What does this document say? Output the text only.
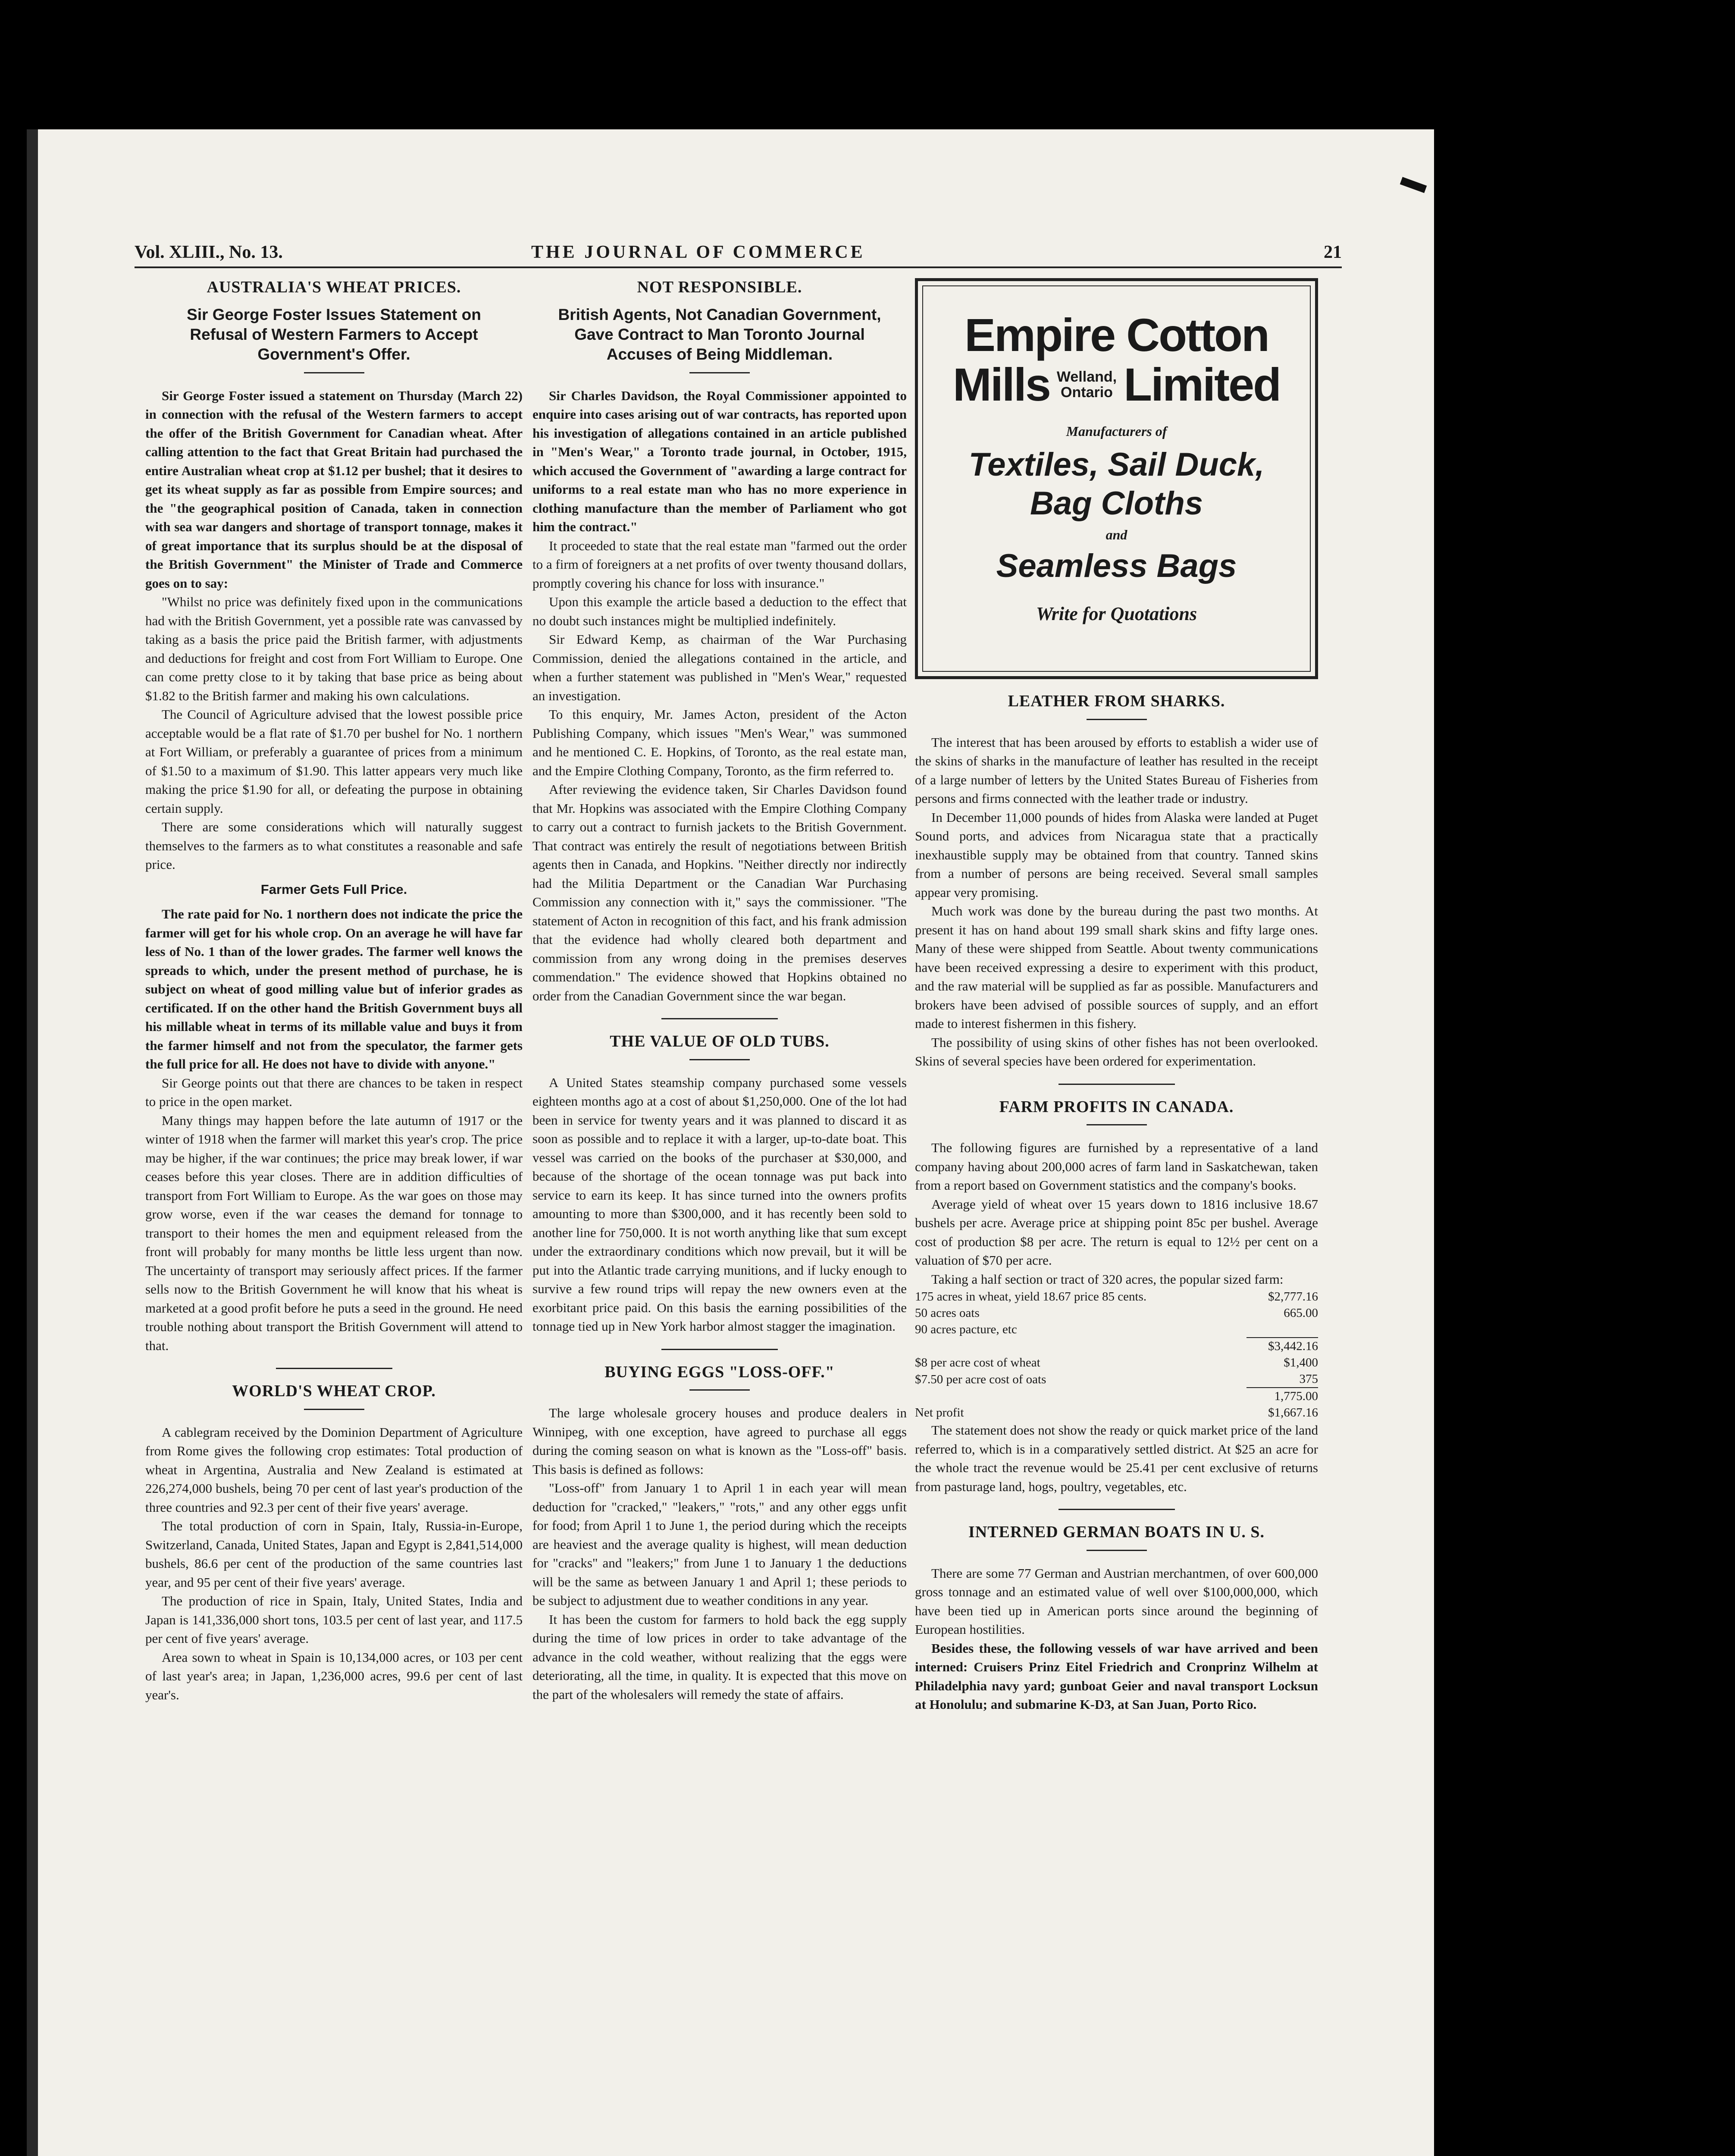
Vol. XLIII., No. 13.	THE JOURNAL OF COMMERCE	21
AUSTRALIA'S WHEAT PRICES.
Sir George Foster Issues Statement on Refusal of Western Farmers to Accept Government's Offer.

Sir George Foster issued a statement on Thursday (March 22) in connection with the refusal of the Western farmers to accept the offer of the British Government for Canadian wheat. After calling attention to the fact that Great Britain had purchased the entire Australian wheat crop at $1.12 per bushel; that it desires to get its wheat supply as far as possible from Empire sources; and the "the geographical position of Canada, taken in connection with sea war dangers and shortage of transport tonnage, makes it of great importance that its surplus should be at the disposal of the British Government" the Minister of Trade and Commerce goes on to say:

"Whilst no price was definitely fixed upon in the communications had with the British Government, yet a possible rate was canvassed by taking as a basis the price paid the British farmer, with adjustments and deductions for freight and cost from Fort William to Europe. One can come pretty close to it by taking that base price as being about $1.82 to the British farmer and making his own calculations.

The Council of Agriculture advised that the lowest possible price acceptable would be a flat rate of $1.70 per bushel for No. 1 northern at Fort William, or preferably a guarantee of prices from a minimum of $1.50 to a maximum of $1.90. This latter appears very much like making the price $1.90 for all, or defeating the purpose in obtaining certain supply.

There are some considerations which will naturally suggest themselves to the farmers as to what constitutes a reasonable and safe price.

Farmer Gets Full Price.

The rate paid for No. 1 northern does not indicate the price the farmer will get for his whole crop. On an average he will have far less of No. 1 than of the lower grades. The farmer well knows the spreads to which, under the present method of purchase, he is subject on wheat of good milling value but of inferior grades as certificated. If on the other hand the British Government buys all his millable wheat in terms of its millable value and buys it from the farmer himself and not from the speculator, the farmer gets the full price for all. He does not have to divide with anyone."

Sir George points out that there are chances to be taken in respect to price in the open market.

Many things may happen before the late autumn of 1917 or the winter of 1918 when the farmer will market this year's crop. The price may be higher, if the war continues; the price may break lower, if war ceases before this year closes. There are in addition difficulties of transport from Fort William to Europe. As the war goes on those may grow worse, even if the war ceases the demand for tonnage to transport to their homes the men and equipment released from the front will probably for many months be little less urgent than now. The uncertainty of transport may seriously affect prices. If the farmer sells now to the British Government he will know that his wheat is marketed at a good profit before he puts a seed in the ground. He need trouble nothing about transport the British Government will attend to that.

WORLD'S WHEAT CROP.

A cablegram received by the Dominion Department of Agriculture from Rome gives the following crop estimates: Total production of wheat in Argentina, Australia and New Zealand is estimated at 226,274,000 bushels, being 70 per cent of last year's production of the three countries and 92.3 per cent of their five years' average.

The total production of corn in Spain, Italy, Russia-in-Europe, Switzerland, Canada, United States, Japan and Egypt is 2,841,514,000 bushels, 86.6 per cent of the production of the same countries last year, and 95 per cent of their five years' average.

The production of rice in Spain, Italy, United States, India and Japan is 141,336,000 short tons, 103.5 per cent of last year, and 117.5 per cent of five years' average.

Area sown to wheat in Spain is 10,134,000 acres, or 103 per cent of last year's area; in Japan, 1,236,000 acres, 99.6 per cent of last year's.

NOT RESPONSIBLE.
British Agents, Not Canadian Government, Gave Contract to Man Toronto Journal Accuses of Being Middleman.

Sir Charles Davidson, the Royal Commissioner appointed to enquire into cases arising out of war contracts, has reported upon his investigation of allegations contained in an article published in "Men's Wear," a Toronto trade journal, in October, 1915, which accused the Government of "awarding a large contract for uniforms to a real estate man who has no more experience in clothing manufacture than the member of Parliament who got him the contract."

It proceeded to state that the real estate man "farmed out the order to a firm of foreigners at a net profits of over twenty thousand dollars, promptly covering his chance for loss with insurance."

Upon this example the article based a deduction to the effect that no doubt such instances might be multiplied indefinitely.

Sir Edward Kemp, as chairman of the War Purchasing Commission, denied the allegations contained in the article, and when a further statement was published in "Men's Wear," requested an investigation.

To this enquiry, Mr. James Acton, president of the Acton Publishing Company, which issues "Men's Wear," was summoned and he mentioned C. E. Hopkins, of Toronto, as the real estate man, and the Empire Clothing Company, Toronto, as the firm referred to.

After reviewing the evidence taken, Sir Charles Davidson found that Mr. Hopkins was associated with the Empire Clothing Company to carry out a contract to furnish jackets to the British Government. That contract was entirely the result of negotiations between British agents then in Canada, and Hopkins. "Neither directly nor indirectly had the Militia Department or the Canadian War Purchasing Commission any connection with it," says the commissioner. "The statement of Acton in recognition of this fact, and his frank admission that the evidence had wholly cleared both department and commission from any wrong doing in the premises deserves commendation." The evidence showed that Hopkins obtained no order from the Canadian Government since the war began.

THE VALUE OF OLD TUBS.

A United States steamship company purchased some vessels eighteen months ago at a cost of about $1,250,000. One of the lot had been in service for twenty years and it was planned to discard it as soon as possible and to replace it with a larger, up-to-date boat. This vessel was carried on the books of the purchaser at $30,000, and because of the shortage of the ocean tonnage was put back into service to earn its keep. It has since turned into the owners profits amounting to more than $300,000, and it has recently been sold to another line for 750,000. It is not worth anything like that sum except under the extraordinary conditions which now prevail, but it will be put into the Atlantic trade carrying munitions, and if lucky enough to survive a few round trips will repay the new owners even at the exorbitant price paid. On this basis the earning possibilities of the tonnage tied up in New York harbor almost stagger the imagination.

BUYING EGGS "LOSS-OFF."

The large wholesale grocery houses and produce dealers in Winnipeg, with one exception, have agreed to purchase all eggs during the coming season on what is known as the "Loss-off" basis. This basis is defined as follows:

"Loss-off" from January 1 to April 1 in each year will mean deduction for "cracked," "leakers," "rots," and any other eggs unfit for food; from April 1 to June 1, the period during which the receipts are heaviest and the average quality is highest, will mean deduction for "cracks" and "leakers;" from June 1 to January 1 the deductions will be the same as between January 1 and April 1; these periods to be subject to adjustment due to weather conditions in any year.

It has been the custom for farmers to hold back the egg supply during the time of low prices in order to take advantage of the advance in the cold weather, without realizing that the eggs were deteriorating, all the time, in quality. It is expected that this move on the part of the wholesalers will remedy the state of affairs.

Empire Cotton
Mills Welland,
Ontario Limited
Manufacturers of
Textiles, Sail Duck,
Bag Cloths
and
Seamless Bags
Write for Quotations
LEATHER FROM SHARKS.

The interest that has been aroused by efforts to establish a wider use of the skins of sharks in the manufacture of leather has resulted in the receipt of a large number of letters by the United States Bureau of Fisheries from persons and firms connected with the leather trade or industry.

In December 11,000 pounds of hides from Alaska were landed at Puget Sound ports, and advices from Nicaragua state that a practically inexhaustible supply may be obtained from that country. Tanned skins from a number of persons are being received. Several small samples appear very promising.

Much work was done by the bureau during the past two months. At present it has on hand about 199 small shark skins and fifty large ones. Many of these were shipped from Seattle. About twenty communications have been received expressing a desire to experiment with this product, and the raw material will be supplied as far as possible. Manufacturers and brokers have been advised of possible sources of supply, and an effort made to interest fishermen in this fishery.

The possibility of using skins of other fishes has not been overlooked. Skins of several species have been ordered for experimentation.

FARM PROFITS IN CANADA.

The following figures are furnished by a representative of a land company having about 200,000 acres of farm land in Saskatchewan, taken from a report based on Government statistics and the company's books.

Average yield of wheat over 15 years down to 1816 inclusive 18.67 bushels per acre. Average price at shipping point 85c per bushel. Average cost of production $8 per acre. The return is equal to 12½ per cent on a valuation of $70 per acre.

Taking a half section or tract of 320 acres, the popular sized farm:

175 acres in wheat, yield 18.67 price 85 cents.	$2,777.16
50 acres oats	665.00
90 acres pacture, etc	
	$3,442.16
$8 per acre cost of wheat	$1,400
$7.50 per acre cost of oats	375
	1,775.00
Net profit	$1,667.16

The statement does not show the ready or quick market price of the land referred to, which is in a comparatively settled district. At $25 an acre for the whole tract the revenue would be 25.41 per cent exclusive of returns from pasturage land, hogs, poultry, vegetables, etc.

INTERNED GERMAN BOATS IN U. S.

There are some 77 German and Austrian merchantmen, of over 600,000 gross tonnage and an estimated value of well over $100,000,000, which have been tied up in American ports since around the beginning of European hostilities.

Besides these, the following vessels of war have arrived and been interned: Cruisers Prinz Eitel Friedrich and Cronprinz Wilhelm at Philadelphia navy yard; gunboat Geier and naval transport Locksun at Honolulu; and submarine K-D3, at San Juan, Porto Rico.
